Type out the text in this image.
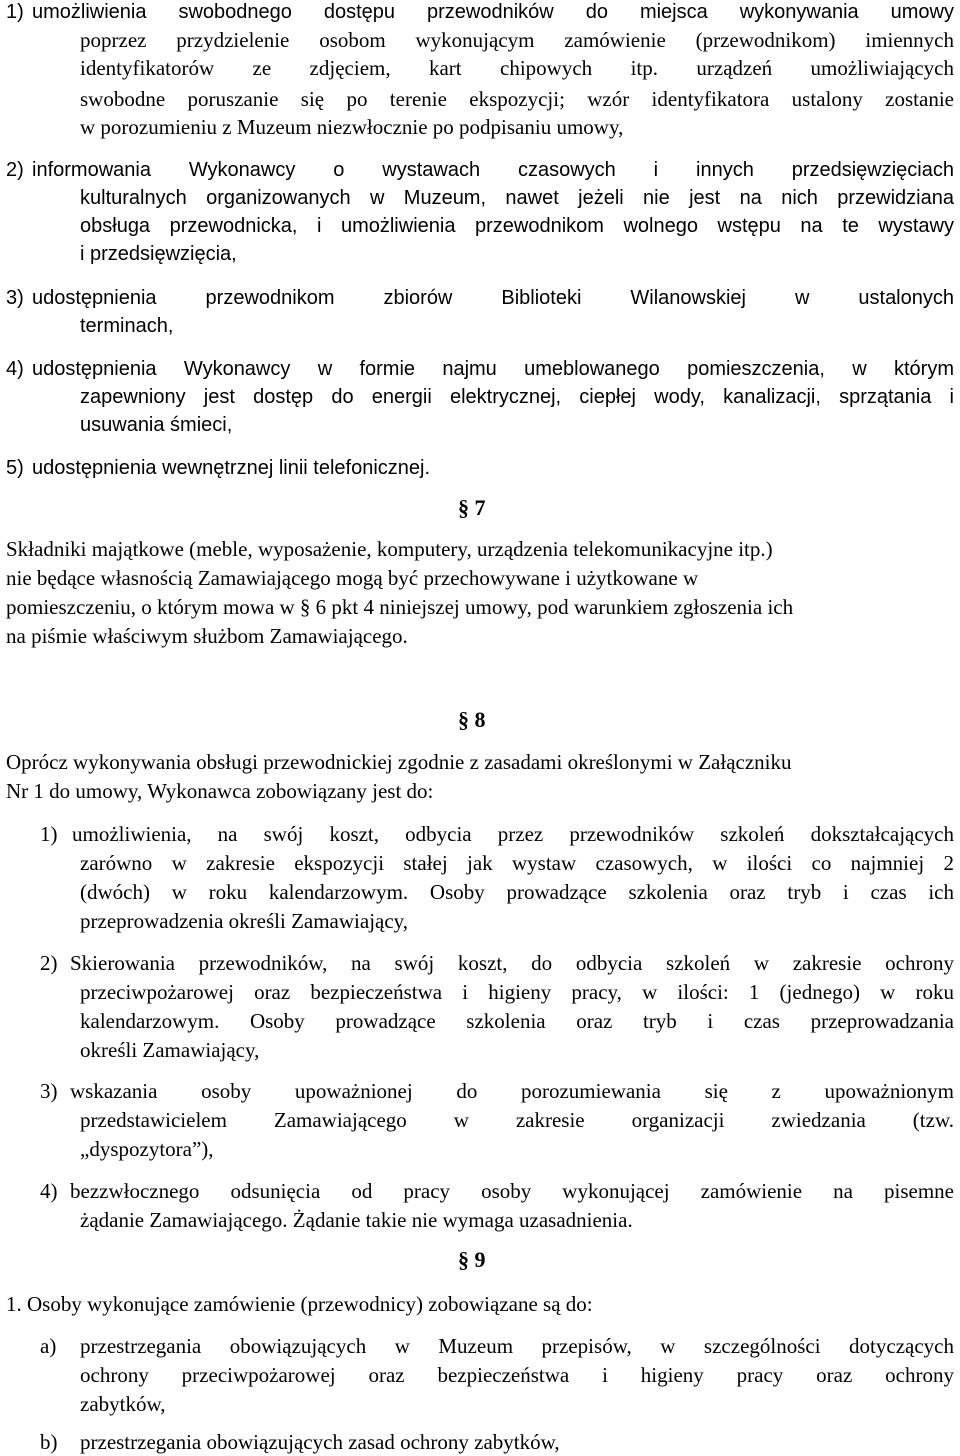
1) umożliwienia swobodnego dostępu przewodników do miejsca wykonywania umowy
poprzez przydzielenie osobom wykonującym zamówienie (przewodnikom) imiennych
identyfikatorów ze zdjęciem, kart chipowych itp. urządzeń umożliwiających
swobodne poruszanie się po terenie ekspozycji; wzór identyfikatora ustalony zostanie
w porozumieniu z Muzeum niezwłocznie po podpisaniu umowy,
2) informowania Wykonawcy o wystawach czasowych i innych przedsięwzięciach
kulturalnych organizowanych w Muzeum, nawet jeżeli nie jest na nich przewidziana
obsługa przewodnicka, i umożliwienia przewodnikom wolnego wstępu na te wystawy
i przedsięwzięcia,
3) udostępnienia przewodnikom zbiorów Biblioteki Wilanowskiej w ustalonych
terminach,
4) udostępnienia Wykonawcy w formie najmu umeblowanego pomieszczenia, w którym
zapewniony jest dostęp do energii elektrycznej, ciepłej wody, kanalizacji, sprzątania i
usuwania śmieci,
5) udostępnienia wewnętrznej linii telefonicznej.
§ 7
Składniki majątkowe (meble, wyposażenie, komputery, urządzenia telekomunikacyjne itp.)
nie będące własnością Zamawiającego mogą być przechowywane i użytkowane w
pomieszczeniu, o którym mowa w § 6 pkt 4 niniejszej umowy, pod warunkiem zgłoszenia ich
na piśmie właściwym służbom Zamawiającego.
§ 8
Oprócz wykonywania obsługi przewodnickiej zgodnie z zasadami określonymi w Załączniku
Nr 1 do umowy, Wykonawca zobowiązany jest do:
1) umożliwienia, na swój koszt, odbycia przez przewodników szkoleń dokształcających
zarówno w zakresie ekspozycji stałej jak wystaw czasowych, w ilości co najmniej 2
(dwóch) w roku kalendarzowym. Osoby prowadzące szkolenia oraz tryb i czas ich
przeprowadzenia określi Zamawiający,
2) Skierowania przewodników, na swój koszt, do odbycia szkoleń w zakresie ochrony
przeciwpożarowej oraz bezpieczeństwa i higieny pracy, w ilości: 1 (jednego) w roku
kalendarzowym. Osoby prowadzące szkolenia oraz tryb i czas przeprowadzania
określi Zamawiający,
3) wskazania osoby upoważnionej do porozumiewania się z upoważnionym
przedstawicielem Zamawiającego w zakresie organizacji zwiedzania (tzw.
„dyspozytora”),
4) bezzwłocznego odsunięcia od pracy osoby wykonującej zamówienie na pisemne
żądanie Zamawiającego. Żądanie takie nie wymaga uzasadnienia.
§ 9
1. Osoby wykonujące zamówienie (przewodnicy) zobowiązane są do:
a) przestrzegania obowiązujących w Muzeum przepisów, w szczególności dotyczących
ochrony przeciwpożarowej oraz bezpieczeństwa i higieny pracy oraz ochrony
zabytków,
b) przestrzegania obowiązujących zasad ochrony zabytków,
